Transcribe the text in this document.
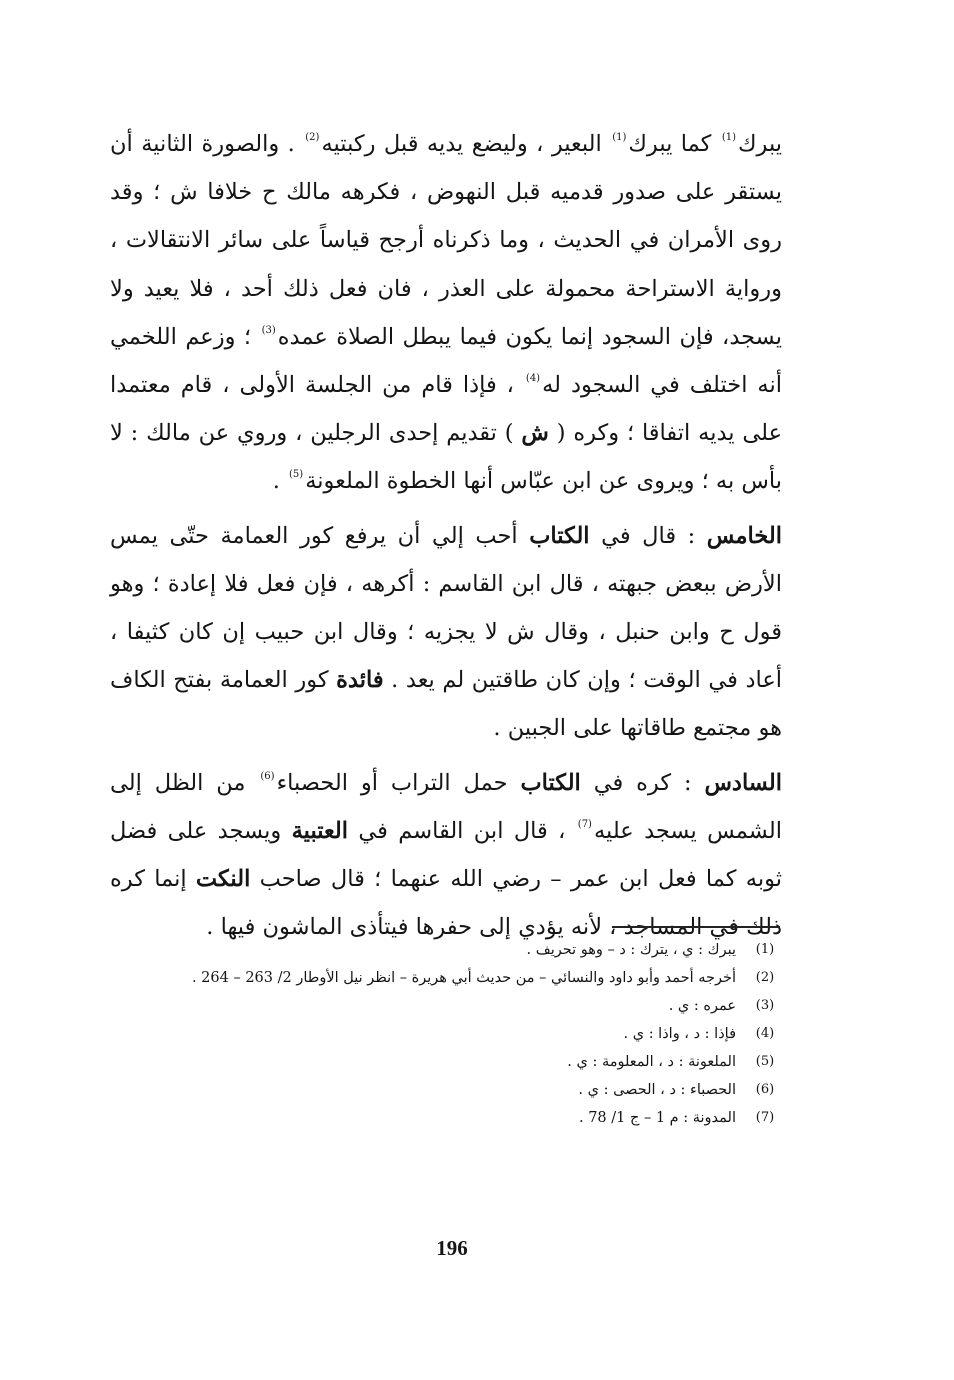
يبرك$^{(1)}$ كما يبرك$^{(1)}$ البعير ، وليضع يديه قبل ركبتيه$^{(2)}$ . والصورة الثانية أن يستقر على صدور قدميه قبل النهوض ، فكرهه مالك ح خلافا ش ؛ وقد روى الأمران في الحديث ، وما ذكرناه أرجح قياساً على سائر الانتقالات ، ورواية الاستراحة محمولة على العذر ، فان فعل ذلك أحد ، فلا يعيد ولا يسجد، فإن السجود إنما يكون فيما يبطل الصلاة عمده$^{(3)}$ ؛ وزعم اللخمي أنه اختلف في السجود له$^{(4)}$ ، فإذا قام من الجلسة الأولى ، قام معتمدا على يديه اتفاقا ؛ وكره ( ش ) تقديم إحدى الرجلين ، وروي عن مالك : لا بأس به ؛ ويروى عن ابن عبّاس أنها الخطوة الملعونة$^{(5)}$ .

الخامس : قال في الكتاب أحب إلي أن يرفع كور العمامة حتّى يمس الأرض ببعض جبهته ، قال ابن القاسم : أكرهه ، فإن فعل فلا إعادة ؛ وهو قول ح وابن حنبل ، وقال ش لا يجزيه ؛ وقال ابن حبيب إن كان كثيفا ، أعاد في الوقت ؛ وإن كان طاقتين لم يعد . فائدة كور العمامة بفتح الكاف هو مجتمع طاقاتها على الجبين .

السادس : كره في الكتاب حمل التراب أو الحصباء$^{(6)}$ من الظل إلى الشمس يسجد عليه$^{(7)}$ ، قال ابن القاسم في العتبية ويسجد على فضل ثوبه كما فعل ابن عمر – رضي الله عنهما ؛ قال صاحب النكت إنما كره ذلك في المساجد ، لأنه يؤدي إلى حفرها فيتأذى الماشون فيها .

(1)
يبرك : ي ، يترك : د – وهو تحريف .
(2)
أخرجه أحمد وأبو داود والنسائي – من حديث أبي هريرة – انظر نيل الأوطار 2/ 263 – 264 .
(3)
عمره : ي .
(4)
فإذا : د ، واذا : ي .
(5)
الملعونة : د ، المعلومة : ي .
(6)
الحصباء : د ، الحصى : ي .
(7)
المدونة : م 1 – ج 1/ 78 .
196
